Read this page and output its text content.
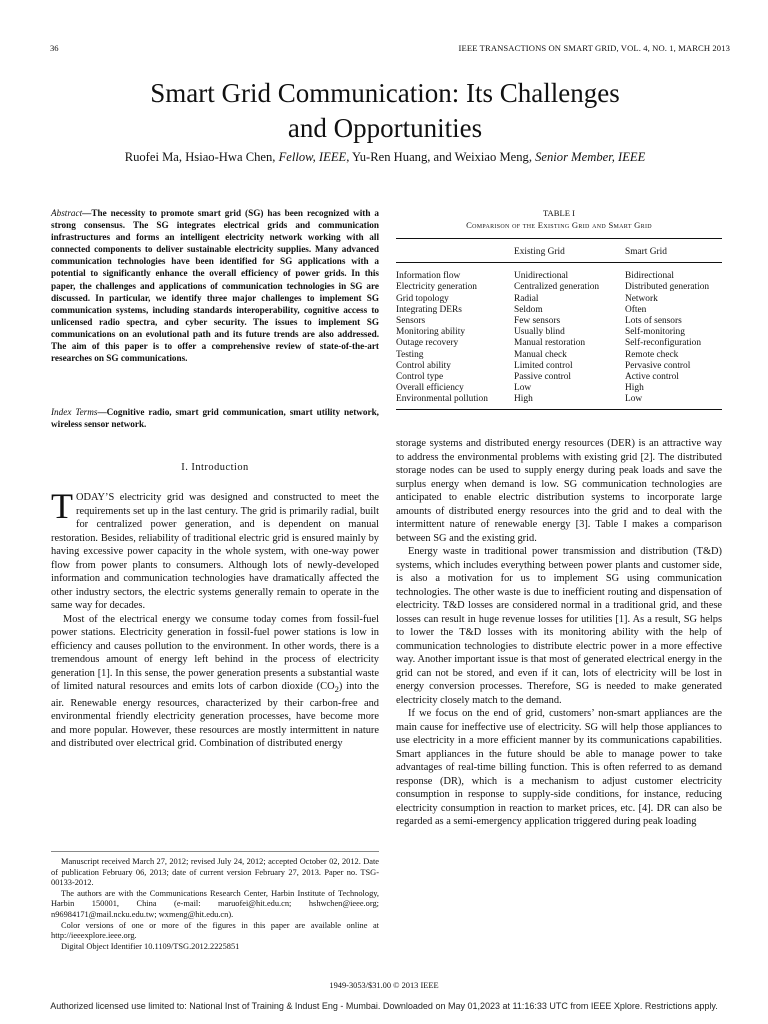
36	IEEE TRANSACTIONS ON SMART GRID, VOL. 4, NO. 1, MARCH 2013
Smart Grid Communication: Its Challenges
and Opportunities
Ruofei Ma, Hsiao-Hwa Chen, Fellow, IEEE, Yu-Ren Huang, and Weixiao Meng, Senior Member, IEEE
Abstract—The necessity to promote smart grid (SG) has been recognized with a strong consensus. The SG integrates electrical grids and communication infrastructures and forms an intelligent electricity network working with all connected components to deliver sustainable electricity supplies. Many advanced communication technologies have been identified for SG applications with a potential to significantly enhance the overall efficiency of power grids. In this paper, the challenges and applications of communication technologies in SG are discussed. In particular, we identify three major challenges to implement SG communication systems, including standards interoperability, cognitive access to unlicensed radio spectra, and cyber security. The issues to implement SG communications on an evolutional path and its future trends are also addressed. The aim of this paper is to offer a comprehensive review of state-of-the-art researches on SG communications.
Index Terms—Cognitive radio, smart grid communication, smart utility network, wireless sensor network.
I. Introduction

TODAY’S electricity grid was designed and constructed to meet the requirements set up in the last century. The grid is primarily radial, built for centralized power generation, and is dependent on manual restoration. Besides, reliability of traditional electric grid is ensured mainly by having excessive power capacity in the whole system, with one-way power flow from power plants to consumers. Although lots of newly-developed information and communication technologies have dramatically affected the other industry sectors, the electric systems generally remain to operate in the same way for decades.

Most of the electrical energy we consume today comes from fossil-fuel power stations. Electricity generation in fossil-fuel power stations is low in efficiency and causes pollution to the environment. In other words, there is a tremendous amount of energy left behind in the process of electricity generation [1]. In this sense, the power generation presents a substantial waste of limited natural resources and emits lots of carbon dioxide $(CO_2)$ into the air. Renewable energy resources, characterized by their carbon-free and environmental friendly electricity generation processes, have become more and more popular. However, these resources are mostly intermittent in nature and distributed over electrical grid. Combination of distributed energy

TABLE I
Comparison of the Existing Grid and Smart Grid
	Existing Grid	Smart Grid
Information flow	Unidirectional	Bidirectional
Electricity generation	Centralized generation	Distributed generation
Grid topology	Radial	Network
Integrating DERs	Seldom	Often
Sensors	Few sensors	Lots of sensors
Monitoring ability	Usually blind	Self-monitoring
Outage recovery	Manual restoration	Self-reconfiguration
Testing	Manual check	Remote check
Control ability	Limited control	Pervasive control
Control type	Passive control	Active control
Overall efficiency	Low	High
Environmental pollution	High	Low

storage systems and distributed energy resources (DER) is an attractive way to address the environmental problems with existing grid [2]. The distributed storage nodes can be used to supply energy during peak loads and save the surplus energy when demand is low. SG communication technologies are anticipated to enable electric distribution systems to incorporate large amounts of distributed energy resources into the grid and to deal with the intermittent nature of renewable energy [3]. Table I makes a comparison between SG and the existing grid.

Energy waste in traditional power transmission and distribution (T&D) systems, which includes everything between power plants and customer side, is also a motivation for us to implement SG using communication technologies. The other waste is due to inefficient routing and dispensation of electricity. T&D losses are considered normal in a traditional grid, and these losses can result in huge revenue losses for utilities [1]. As a result, SG helps to lower the T&D losses with its monitoring ability with the help of communication technologies to distribute electric power in a more effective way. Another important issue is that most of generated electrical energy in the grid can not be stored, and even if it can, lots of electricity will be lost in energy conversion processes. Therefore, SG is needed to make generated electricity closely match to the demand.

If we focus on the end of grid, customers’ non-smart appliances are the main cause for ineffective use of electricity. SG will help those appliances to use electricity in a more efficient manner by its communications capabilities. Smart appliances in the future should be able to manage power to take advantages of real-time billing function. This is often referred to as demand response (DR), which is a mechanism to adjust customer electricity consumption in response to supply-side conditions, for instance, reducing electricity consumption in reaction to market prices, etc. [4]. DR can also be regarded as a semi-emergency application triggered during peak loading

Manuscript received March 27, 2012; revised July 24, 2012; accepted October 02, 2012. Date of publication February 06, 2013; date of current version February 27, 2013. Paper no. TSG-00133-2012.

The authors are with the Communications Research Center, Harbin Institute of Technology, Harbin 150001, China (e-mail: maruofei@hit.edu.cn; hshwchen@ieee.org; n96984171@mail.ncku.edu.tw; wxmeng@hit.edu.cn).

Color versions of one or more of the figures in this paper are available online at http://ieeexplore.ieee.org.

Digital Object Identifier 10.1109/TSG.2012.2225851

1949-3053/$31.00 © 2013 IEEE
Authorized licensed use limited to: National Inst of Training & Indust Eng - Mumbai. Downloaded on May 01,2023 at 11:16:33 UTC from IEEE Xplore. Restrictions apply.
